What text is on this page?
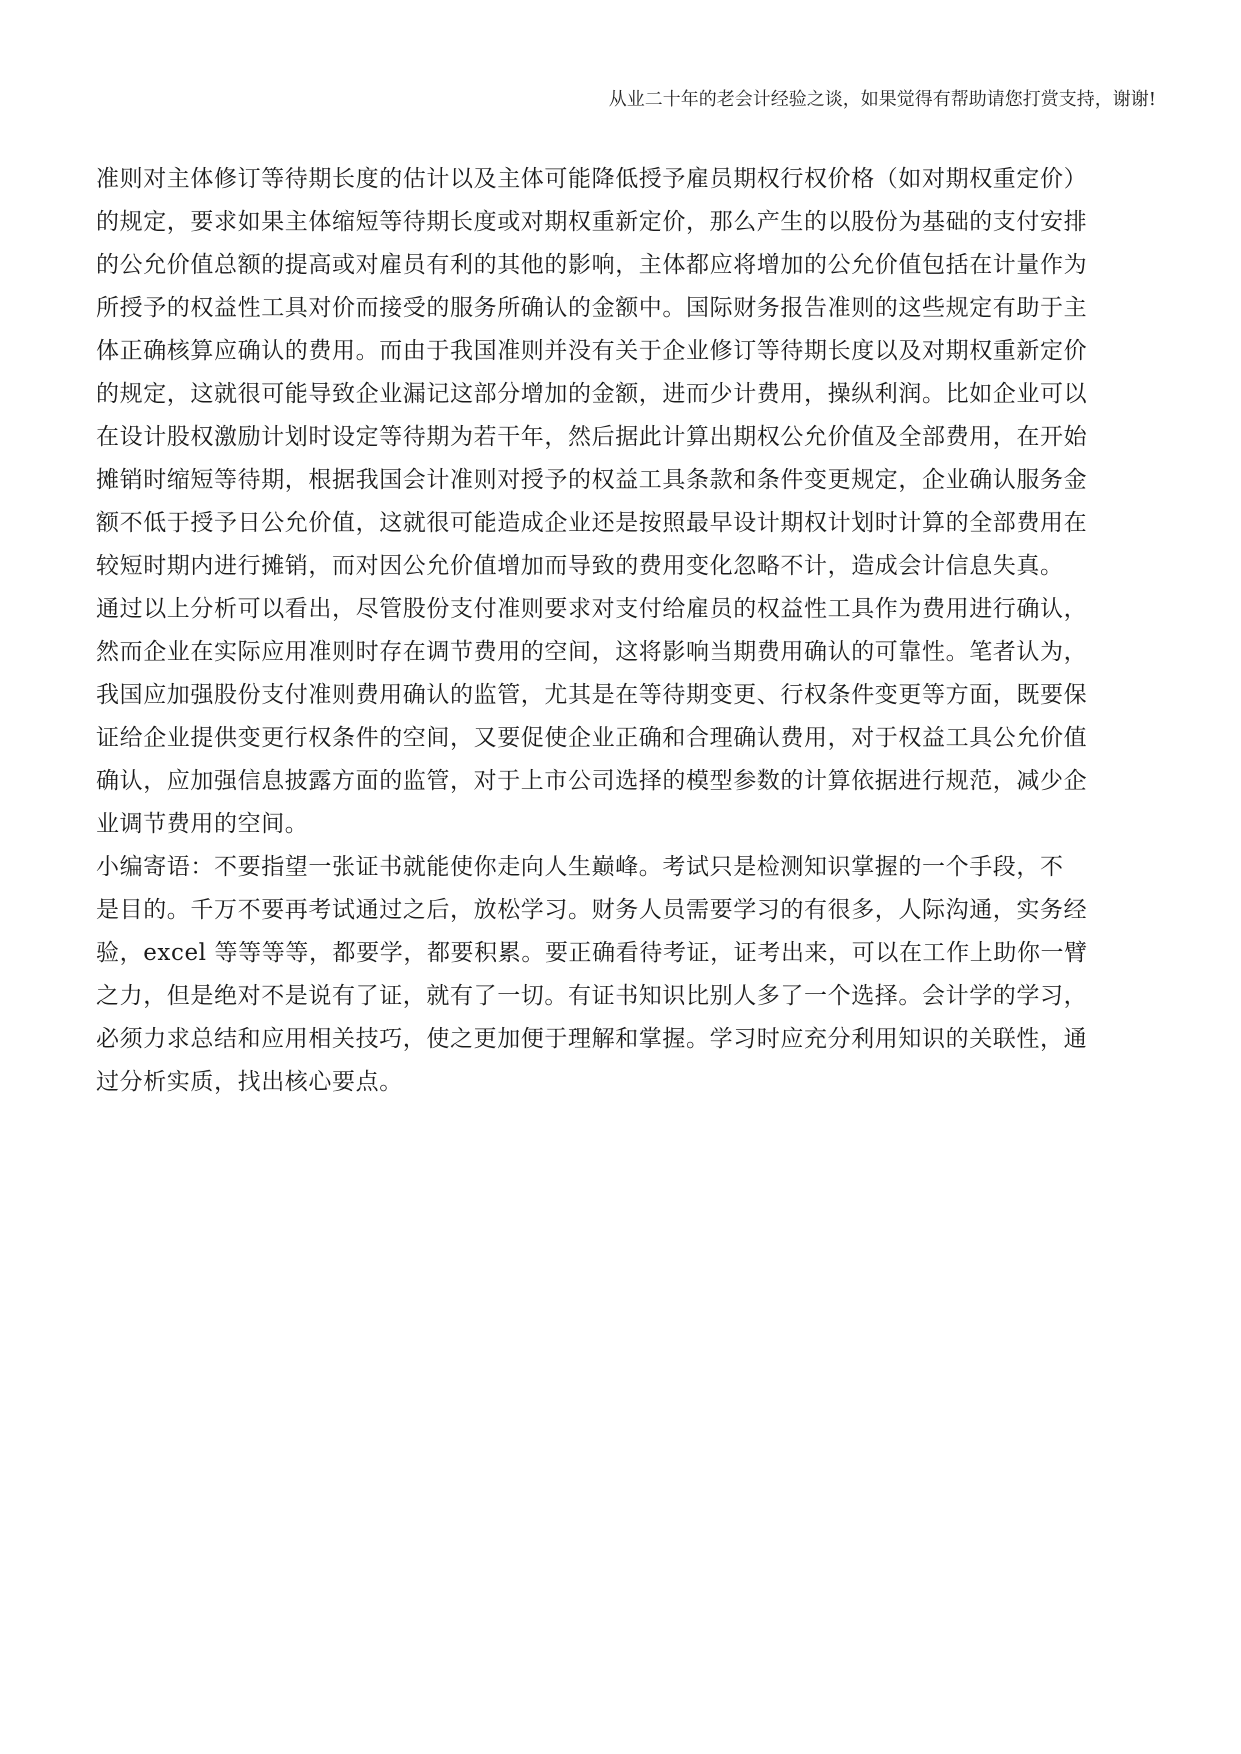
从业二十年的老会计经验之谈，如果觉得有帮助请您打赏支持，谢谢!

准则对主体修订等待期长度的估计以及主体可能降低授予雇员期权行权价格（如对期权重定价）
的规定，要求如果主体缩短等待期长度或对期权重新定价，那么产生的以股份为基础的支付安排
的公允价值总额的提高或对雇员有利的其他的影响，主体都应将增加的公允价值包括在计量作为
所授予的权益性工具对价而接受的服务所确认的金额中。国际财务报告准则的这些规定有助于主
体正确核算应确认的费用。而由于我国准则并没有关于企业修订等待期长度以及对期权重新定价
的规定，这就很可能导致企业漏记这部分增加的金额，进而少计费用，操纵利润。比如企业可以
在设计股权激励计划时设定等待期为若干年，然后据此计算出期权公允价值及全部费用，在开始
摊销时缩短等待期，根据我国会计准则对授予的权益工具条款和条件变更规定，企业确认服务金
额不低于授予日公允价值，这就很可能造成企业还是按照最早设计期权计划时计算的全部费用在
较短时期内进行摊销，而对因公允价值增加而导致的费用变化忽略不计，造成会计信息失真。

通过以上分析可以看出，尽管股份支付准则要求对支付给雇员的权益性工具作为费用进行确认，
然而企业在实际应用准则时存在调节费用的空间，这将影响当期费用确认的可靠性。笔者认为，
我国应加强股份支付准则费用确认的监管，尤其是在等待期变更、行权条件变更等方面，既要保
证给企业提供变更行权条件的空间，又要促使企业正确和合理确认费用，对于权益工具公允价值
确认，应加强信息披露方面的监管，对于上市公司选择的模型参数的计算依据进行规范，减少企
业调节费用的空间。

小编寄语：不要指望一张证书就能使你走向人生巅峰。考试只是检测知识掌握的一个手段，不
是目的。千万不要再考试通过之后，放松学习。财务人员需要学习的有很多，人际沟通，实务经
验，excel 等等等等，都要学，都要积累。要正确看待考证，证考出来，可以在工作上助你一臂
之力，但是绝对不是说有了证，就有了一切。有证书知识比别人多了一个选择。会计学的学习，
必须力求总结和应用相关技巧，使之更加便于理解和掌握。学习时应充分利用知识的关联性，通
过分析实质，找出核心要点。
